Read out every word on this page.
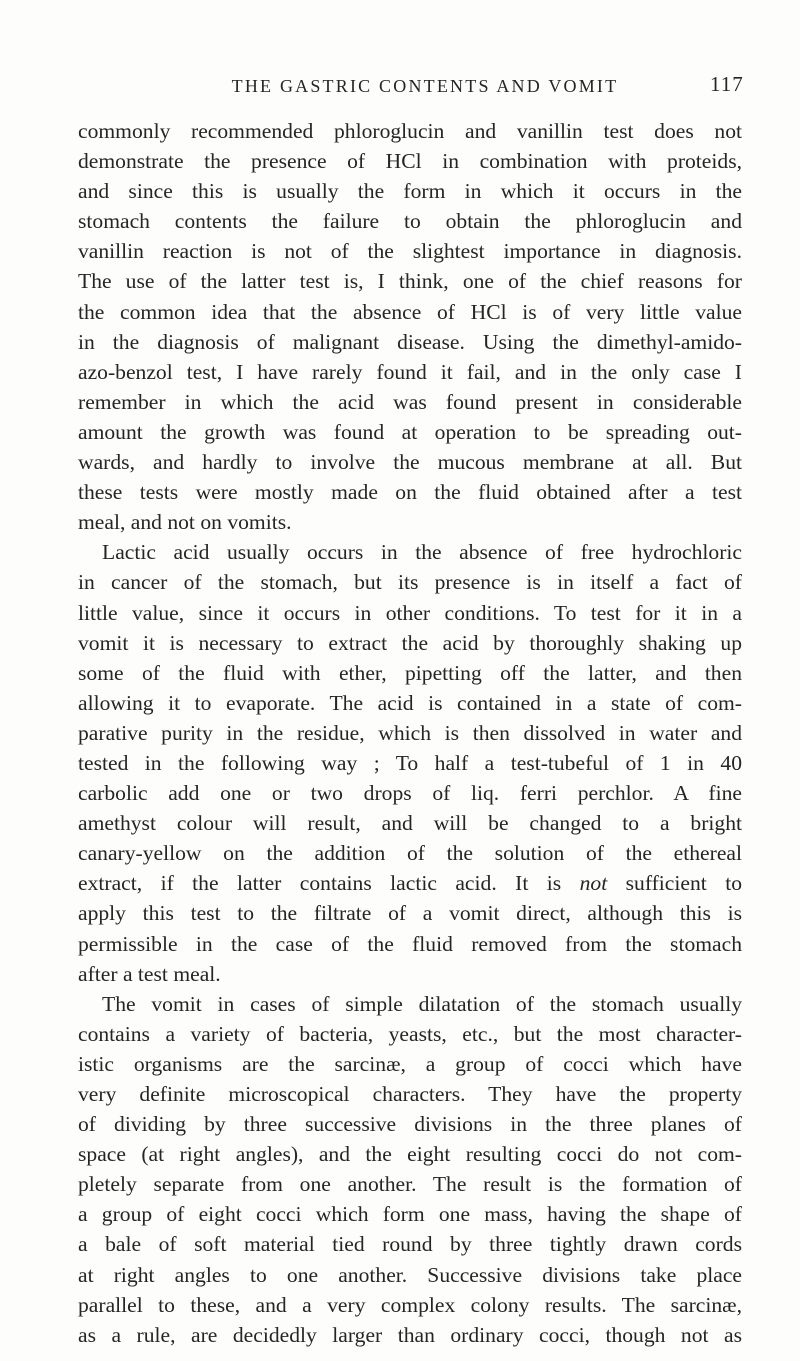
THE GASTRIC CONTENTS AND VOMIT	117
commonly recommended phloroglucin and vanillin test does not
demonstrate the presence of HCl in combination with proteids,
and since this is usually the form in which it occurs in the
stomach contents the failure to obtain the phloroglucin and
vanillin reaction is not of the slightest importance in diagnosis.
The use of the latter test is, I think, one of the chief reasons for
the common idea that the absence of HCl is of very little value
in the diagnosis of malignant disease. Using the dimethyl-amido-
azo-benzol test, I have rarely found it fail, and in the only case I
remember in which the acid was found present in considerable
amount the growth was found at operation to be spreading out-
wards, and hardly to involve the mucous membrane at all. But
these tests were mostly made on the fluid obtained after a test
meal, and not on vomits.
Lactic acid usually occurs in the absence of free hydrochloric
in cancer of the stomach, but its presence is in itself a fact of
little value, since it occurs in other conditions. To test for it in a
vomit it is necessary to extract the acid by thoroughly shaking up
some of the fluid with ether, pipetting off the latter, and then
allowing it to evaporate. The acid is contained in a state of com-
parative purity in the residue, which is then dissolved in water and
tested in the following way ; To half a test-tubeful of 1 in 40
carbolic add one or two drops of liq. ferri perchlor. A fine
amethyst colour will result, and will be changed to a bright
canary-yellow on the addition of the solution of the ethereal
extract, if the latter contains lactic acid. It is not sufficient to
apply this test to the filtrate of a vomit direct, although this is
permissible in the case of the fluid removed from the stomach
after a test meal.
The vomit in cases of simple dilatation of the stomach usually
contains a variety of bacteria, yeasts, etc., but the most character-
istic organisms are the sarcinæ, a group of cocci which have
very definite microscopical characters. They have the property
of dividing by three successive divisions in the three planes of
space (at right angles), and the eight resulting cocci do not com-
pletely separate from one another. The result is the formation of
a group of eight cocci which form one mass, having the shape of
a bale of soft material tied round by three tightly drawn cords
at right angles to one another. Successive divisions take place
parallel to these, and a very complex colony results. The sarcinæ,
as a rule, are decidedly larger than ordinary cocci, though not as
